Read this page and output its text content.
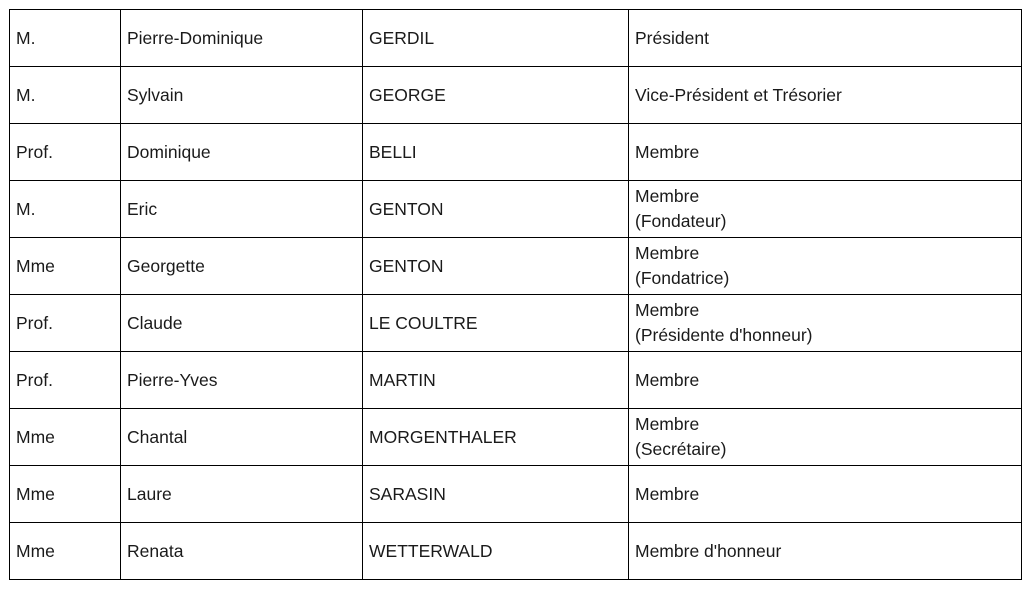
M.	Pierre-Dominique	GERDIL	Président

M.	Sylvain	GEORGE	Vice-Président et Trésorier

Prof.	Dominique	BELLI	Membre

M.	Eric	GENTON	Membre
(Fondateur)

Mme	Georgette	GENTON	Membre
(Fondatrice)

Prof.	Claude	LE COULTRE	Membre
(Présidente d'honneur)

Prof.	Pierre-Yves	MARTIN	Membre

Mme	Chantal	MORGENTHALER	Membre
(Secrétaire)

Mme	Laure	SARASIN	Membre

Mme	Renata	WETTERWALD	Membre d'honneur
